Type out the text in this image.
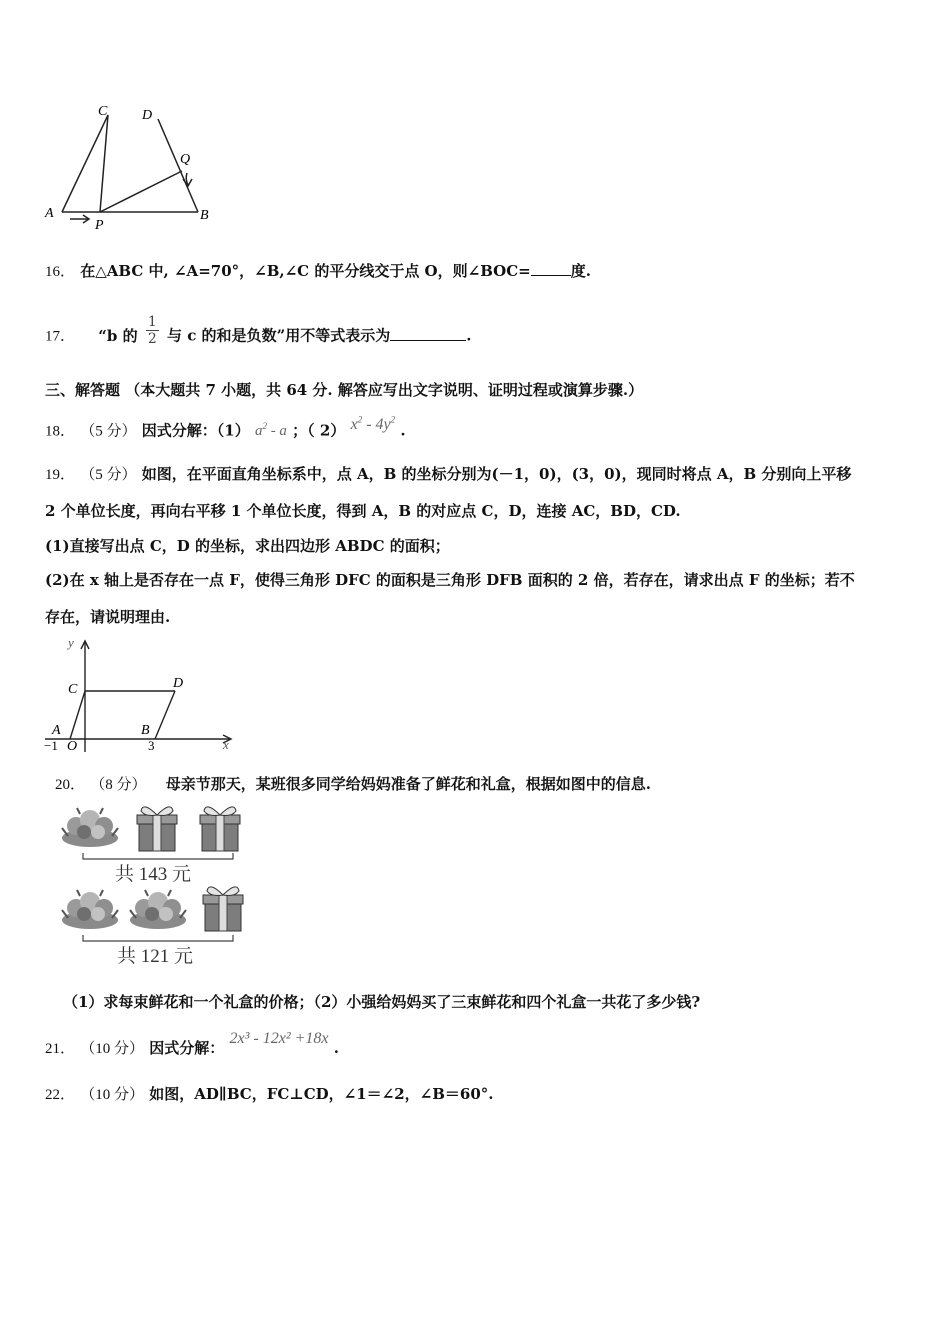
C D
Q
A	B
P
16． 在△ABC 中, ∠A=70°，∠B,∠C 的平分线交于点 O，则∠BOC=	度.
17． “b 的 $\frac{1}{2}$ 与 c 的和是负数”用不等式表示为	.
三、解答题 （本大题共 7 小题，共 64 分. 解答应写出文字说明、证明过程或演算步骤.）
18． （5 分） 因式分解：（1） $a^2$ - a ；（ 2） $x^2 - 4y^2$ .
19． （5 分） 如图，在平面直角坐标系中，点 A，B 的坐标分别为(－1，0)，(3，0)，现同时将点 A，B 分别向上平移
2 个单位长度，再向右平移 1 个单位长度，得到 A，B 的对应点 C，D，连接 AC，BD，CD.
(1)直接写出点 C，D 的坐标，求出四边形 ABDC 的面积；
(2)在 x 轴上是否存在一点 F，使得三角形 DFC 的面积是三角形 DFB 面积的 2 倍，若存在，请求出点 F 的坐标；若不
存在，请说明理由.
y
x
C	D
A	B
−1 O	3
20． （8 分） 母亲节那天，某班很多同学给妈妈准备了鲜花和礼盒，根据如图中的信息.
共 143 元
共 121 元
（1）求每束鲜花和一个礼盒的价格；（2）小强给妈妈买了三束鲜花和四个礼盒一共花了多少钱?
21． （10 分） 因式分解： 2x³ - 12x² +18x .
22． （10 分） 如图，AD∥BC，FC⊥CD，∠1＝∠2，∠B＝60°.
